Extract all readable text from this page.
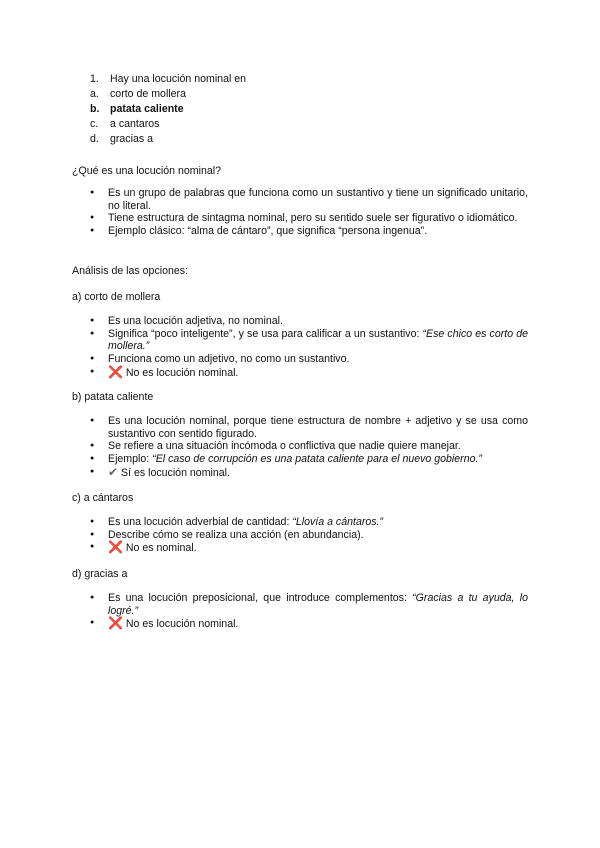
1. Hay una locución nominal en
a. corto de mollera
b. patata caliente
c. a cantaros
d. gracias a

¿Qué es una locución nominal?

● Es un grupo de palabras que funciona como un sustantivo y tiene un significado unitario, no literal.
● Tiene estructura de sintagma nominal, pero su sentido suele ser figurativo o idiomático.
● Ejemplo clásico: “alma de cántaro”, que significa “persona ingenua”.

Análisis de las opciones:

a) corto de mollera

● Es una locución adjetiva, no nominal.
● Significa “poco inteligente”, y se usa para calificar a un sustantivo: “Ese chico es corto de mollera.”
● Funciona como un adjetivo, no como un sustantivo.
● ❌ No es locución nominal.

b) patata caliente

● Es una locución nominal, porque tiene estructura de nombre + adjetivo y se usa como sustantivo con sentido figurado.
● Se refiere a una situación incómoda o conflictiva que nadie quiere manejar.
● Ejemplo: “El caso de corrupción es una patata caliente para el nuevo gobierno.”
● ✔ Sí es locución nominal.

c) a cántaros

● Es una locución adverbial de cantidad: “Llovía a cántaros.”
● Describe cómo se realiza una acción (en abundancia).
● ❌ No es nominal.

d) gracias a

● Es una locución preposicional, que introduce complementos: “Gracias a tu ayuda, lo logré.”
● ❌ No es locución nominal.
